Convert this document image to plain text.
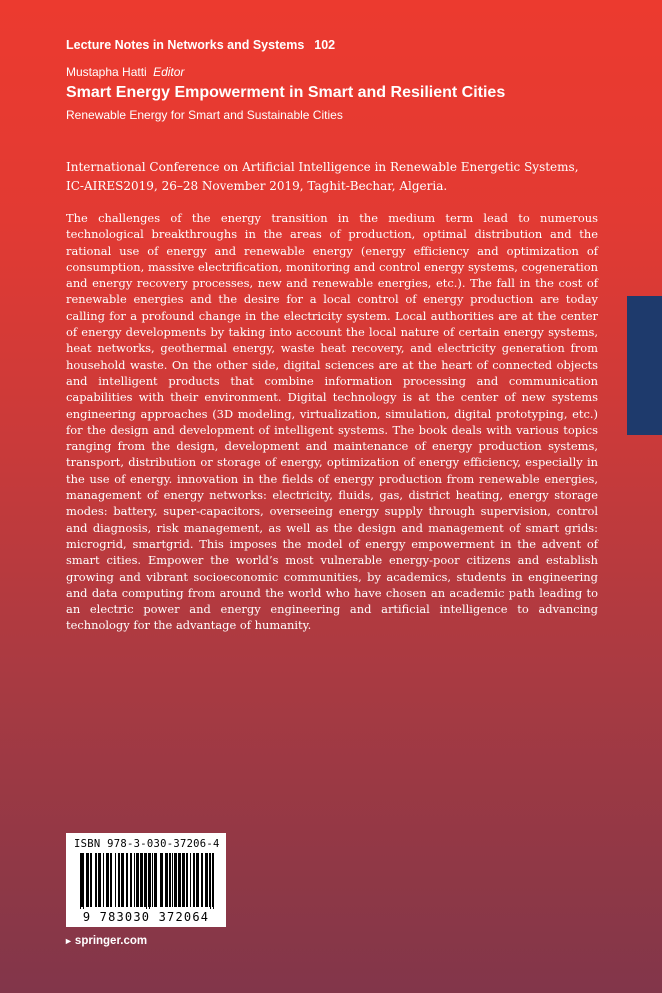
Lecture Notes in Networks and Systems 102
Mustapha Hatti Editor
Smart Energy Empowerment in Smart and Resilient Cities
Renewable Energy for Smart and Sustainable Cities
International Conference on Artificial Intelligence in Renewable Energetic Systems, IC-AIRES2019, 26–28 November 2019, Taghit-Bechar, Algeria.
The challenges of the energy transition in the medium term lead to numerous technological breakthroughs in the areas of production, optimal distribution and the rational use of energy and renewable energy (energy efficiency and optimization of consumption, massive electrification, monitoring and control energy systems, cogeneration and energy recovery processes, new and renewable energies, etc.). The fall in the cost of renewable energies and the desire for a local control of energy production are today calling for a profound change in the electricity system. Local authorities are at the center of energy developments by taking into account the local nature of certain energy systems, heat networks, geothermal energy, waste heat recovery, and electricity generation from household waste. On the other side, digital sciences are at the heart of connected objects and intelligent products that combine information processing and communication capabilities with their environment. Digital technology is at the center of new systems engineering approaches (3D modeling, virtualization, simulation, digital prototyping, etc.) for the design and development of intelligent systems. The book deals with various topics ranging from the design, development and maintenance of energy production systems, transport, distribution or storage of energy, optimization of energy efficiency, especially in the use of energy. innovation in the fields of energy production from renewable energies, management of energy networks: electricity, fluids, gas, district heating, energy storage modes: battery, super-capacitors, overseeing energy supply through supervision, control and diagnosis, risk management, as well as the design and management of smart grids: microgrid, smartgrid. This imposes the model of energy empowerment in the advent of smart cities. Empower the world’s most vulnerable energy-poor citizens and establish growing and vibrant socioeconomic communities, by academics, students in engineering and data computing from around the world who have chosen an academic path leading to an electric power and energy engineering and artificial intelligence to advancing technology for the advantage of humanity.
ISBN 978-3-030-37206-4
9 783030 372064
► springer.com
